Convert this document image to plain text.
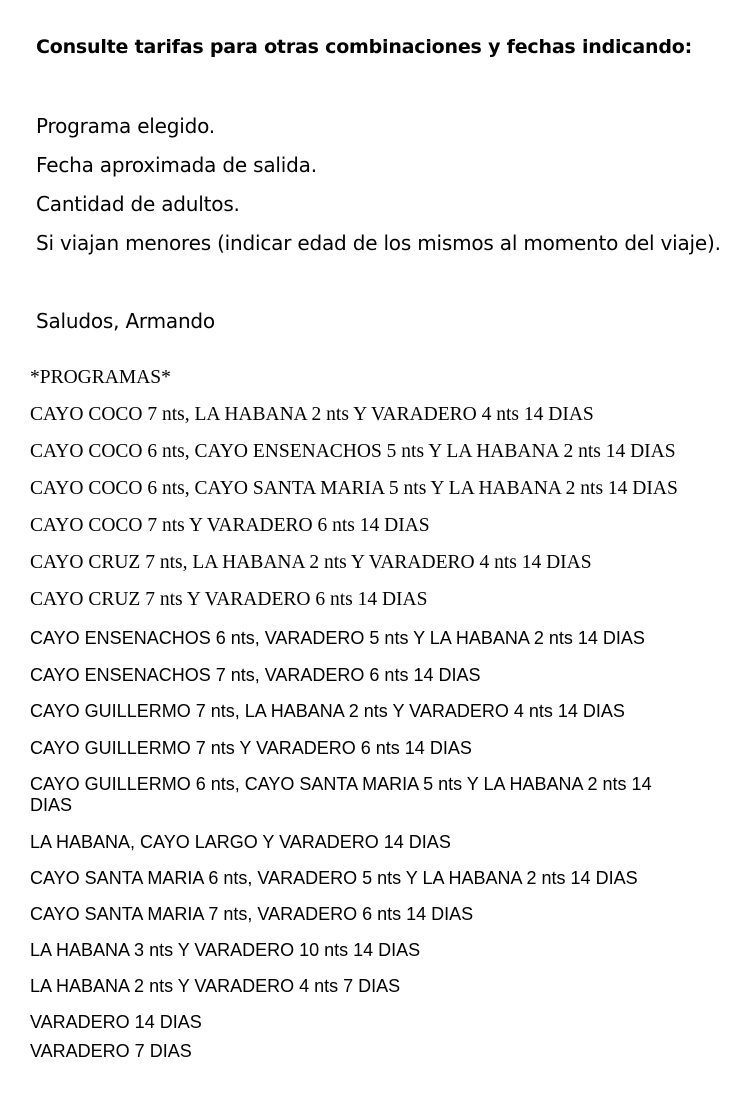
Consulte tarifas para otras combinaciones y fechas indicando:

Programa elegido.

Fecha aproximada de salida.

Cantidad de adultos.

Si viajan menores (indicar edad de los mismos al momento del viaje).

Saludos, Armando

*PROGRAMAS*

CAYO COCO 7 nts, LA HABANA 2 nts Y VARADERO 4 nts 14 DIAS

CAYO COCO 6 nts, CAYO ENSENACHOS 5 nts Y LA HABANA 2 nts 14 DIAS

CAYO COCO 6 nts, CAYO SANTA MARIA 5 nts Y LA HABANA 2 nts 14 DIAS

CAYO COCO 7 nts Y VARADERO 6 nts 14 DIAS

CAYO CRUZ 7 nts, LA HABANA 2 nts Y VARADERO 4 nts 14 DIAS

CAYO CRUZ 7 nts Y VARADERO 6 nts 14 DIAS

CAYO ENSENACHOS 6 nts, VARADERO 5 nts Y LA HABANA 2 nts 14 DIAS

CAYO ENSENACHOS 7 nts, VARADERO 6 nts 14 DIAS

CAYO GUILLERMO 7 nts, LA HABANA 2 nts Y VARADERO 4 nts 14 DIAS

CAYO GUILLERMO 7 nts Y VARADERO 6 nts 14 DIAS

CAYO GUILLERMO 6 nts, CAYO SANTA MARIA 5 nts Y LA HABANA 2 nts 14 DIAS

LA HABANA, CAYO LARGO Y VARADERO 14 DIAS

CAYO SANTA MARIA 6 nts, VARADERO 5 nts Y LA HABANA 2 nts 14 DIAS

CAYO SANTA MARIA 7 nts, VARADERO 6 nts 14 DIAS

LA HABANA 3 nts Y VARADERO 10 nts 14 DIAS

LA HABANA 2 nts Y VARADERO 4 nts 7 DIAS

VARADERO 14 DIAS

VARADERO 7 DIAS
